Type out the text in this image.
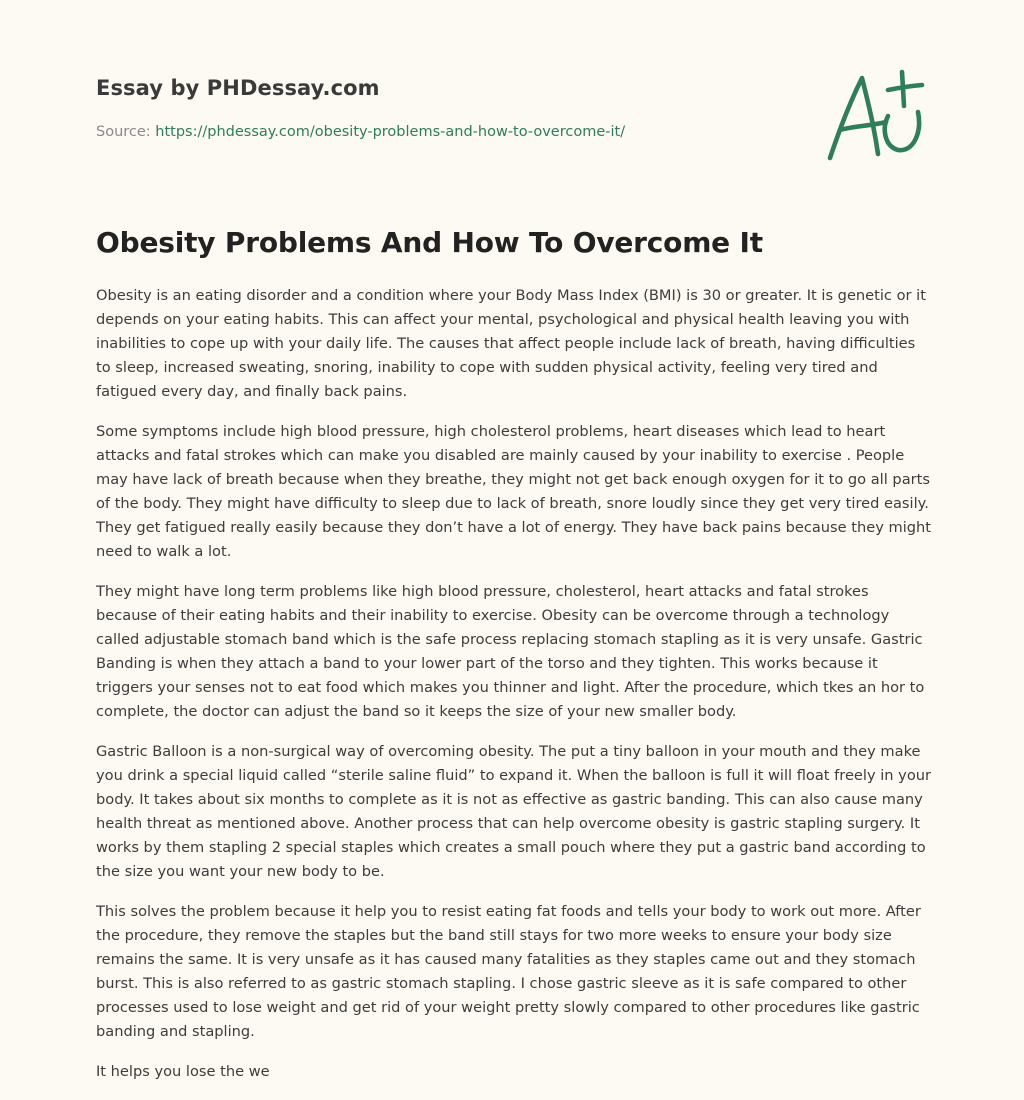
Essay by PHDessay.com
Source: https://phdessay.com/obesity-problems-and-how-to-overcome-it/
Obesity Problems And How To Overcome It

Obesity is an eating disorder and a condition where your Body Mass Index (BMI) is 30 or greater. It is genetic or it depends on your eating habits. This can affect your mental, psychological and physical health leaving you with inabilities to cope up with your daily life. The causes that affect people include lack of breath, having difficulties to sleep, increased sweating, snoring, inability to cope with sudden physical activity, feeling very tired and fatigued every day, and finally back pains.

Some symptoms include high blood pressure, high cholesterol problems, heart diseases which lead to heart attacks and fatal strokes which can make you disabled are mainly caused by your inability to exercise . People may have lack of breath because when they breathe, they might not get back enough oxygen for it to go all parts of the body. They might have difficulty to sleep due to lack of breath, snore loudly since they get very tired easily. They get fatigued really easily because they don’t have a lot of energy. They have back pains because they might need to walk a lot.

They might have long term problems like high blood pressure, cholesterol, heart attacks and fatal strokes because of their eating habits and their inability to exercise. Obesity can be overcome through a technology called adjustable stomach band which is the safe process replacing stomach stapling as it is very unsafe. Gastric Banding is when they attach a band to your lower part of the torso and they tighten. This works because it triggers your senses not to eat food which makes you thinner and light. After the procedure, which tkes an hor to complete, the doctor can adjust the band so it keeps the size of your new smaller body.

Gastric Balloon is a non-surgical way of overcoming obesity. The put a tiny balloon in your mouth and they make you drink a special liquid called “sterile saline fluid” to expand it. When the balloon is full it will float freely in your body. It takes about six months to complete as it is not as effective as gastric banding. This can also cause many health threat as mentioned above. Another process that can help overcome obesity is gastric stapling surgery. It works by them stapling 2 special staples which creates a small pouch where they put a gastric band according to the size you want your new body to be.

This solves the problem because it help you to resist eating fat foods and tells your body to work out more. After the procedure, they remove the staples but the band still stays for two more weeks to ensure your body size remains the same. It is very unsafe as it has caused many fatalities as they staples came out and they stomach burst. This is also referred to as gastric stomach stapling. I chose gastric sleeve as it is safe compared to other processes used to lose weight and get rid of your weight pretty slowly compared to other procedures like gastric banding and stapling.

It helps you lose the we
